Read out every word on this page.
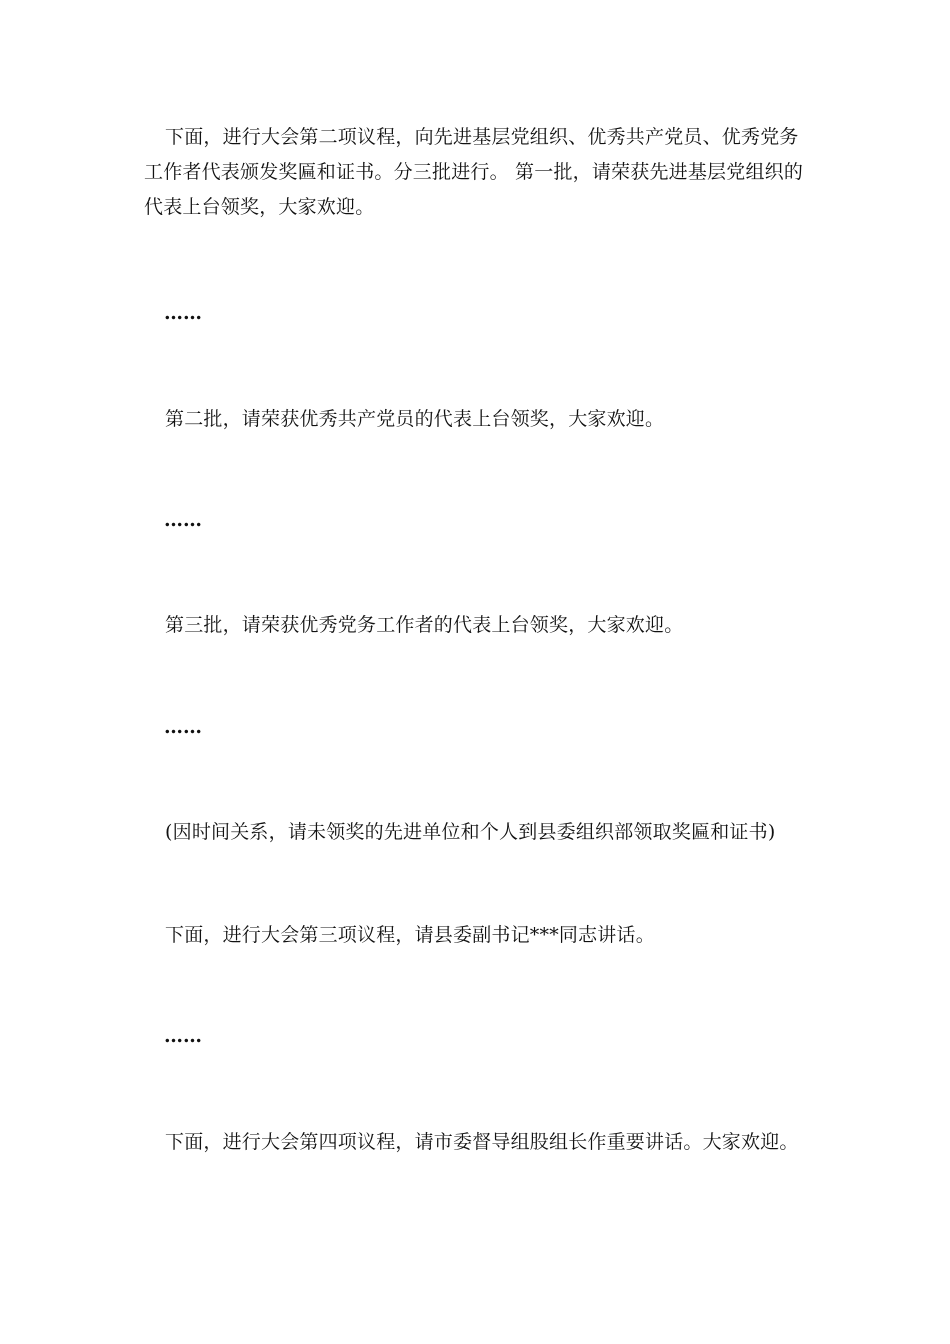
下面，进行大会第二项议程，向先进基层党组织、优秀共产党员、优秀党务工作者代表颁发奖匾和证书。分三批进行。 第一批，请荣获先进基层党组织的代表上台领奖，大家欢迎。

……

第二批，请荣获优秀共产党员的代表上台领奖，大家欢迎。

……

第三批，请荣获优秀党务工作者的代表上台领奖，大家欢迎。

……

(因时间关系，请未领奖的先进单位和个人到县委组织部领取奖匾和证书)

下面，进行大会第三项议程，请县委副书记***同志讲话。

……

下面，进行大会第四项议程，请市委督导组股组长作重要讲话。大家欢迎。
